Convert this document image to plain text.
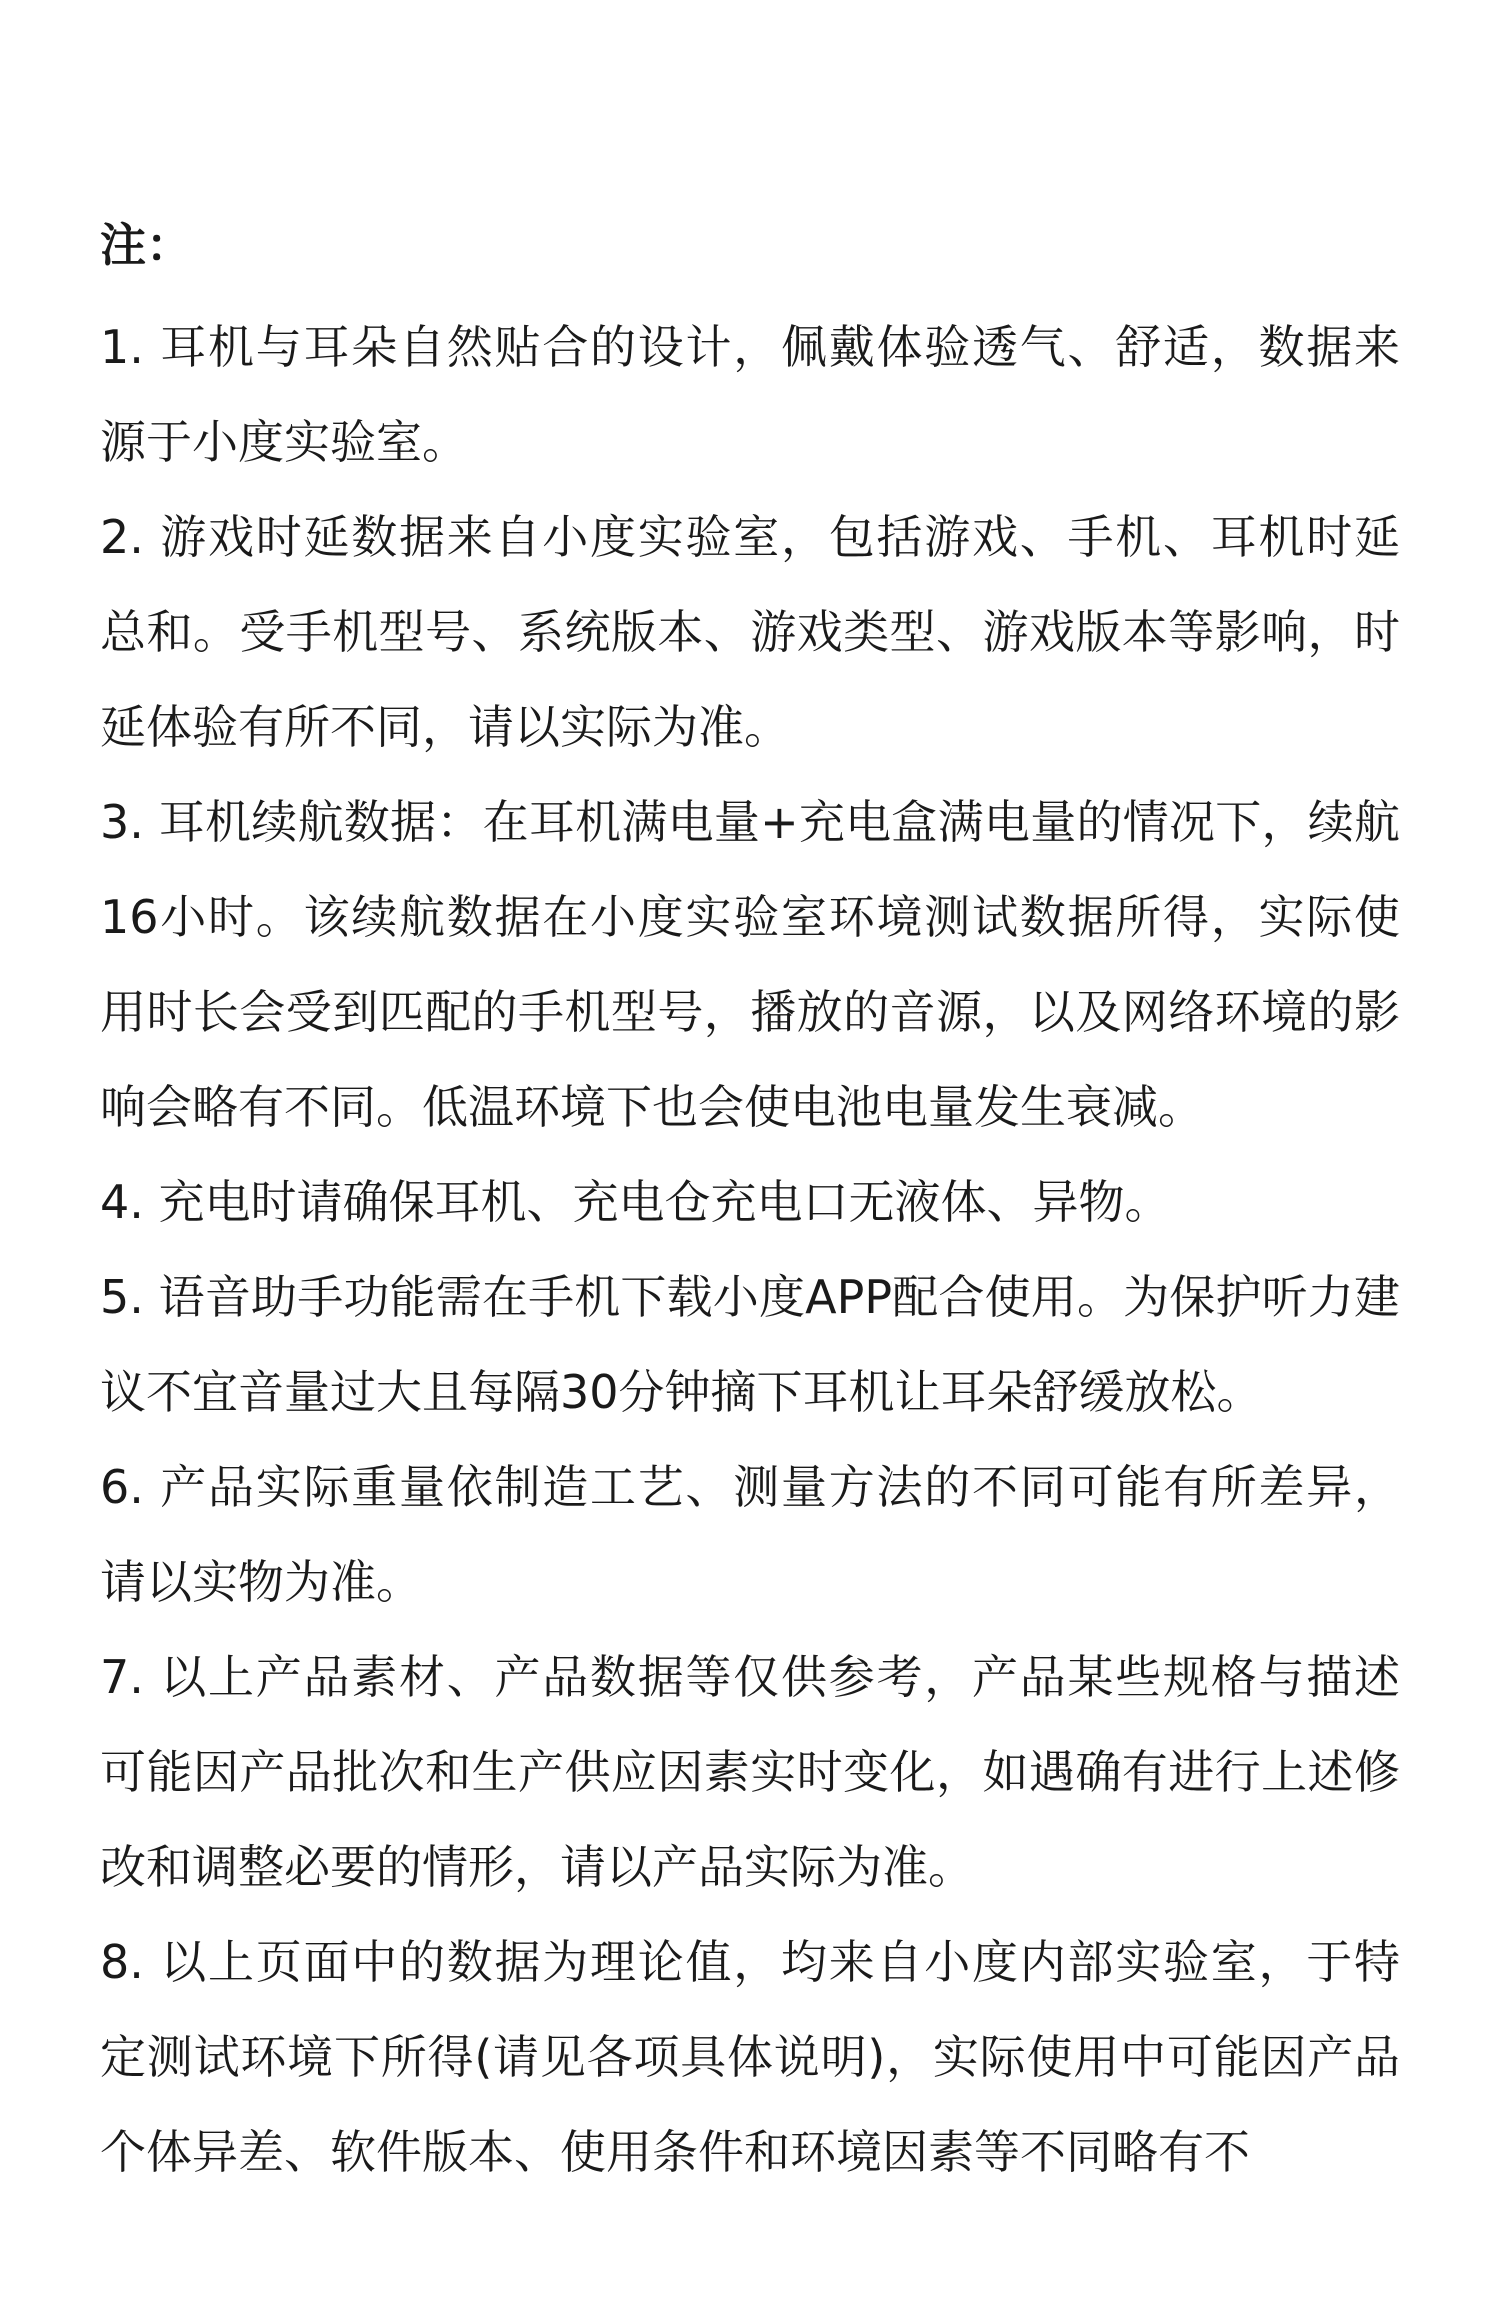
注：

1. 耳机与耳朵自然贴合的设计，佩戴体验透气、舒适，数据来源于小度实验室。

2. 游戏时延数据来自小度实验室，包括游戏、手机、耳机时延总和。受手机型号、系统版本、游戏类型、游戏版本等影响，时延体验有所不同，请以实际为准。

3. 耳机续航数据：在耳机满电量+充电盒满电量的情况下，续航16小时。该续航数据在小度实验室环境测试数据所得，实际使用时长会受到匹配的手机型号，播放的音源，以及网络环境的影响会略有不同。低温环境下也会使电池电量发生衰减。

4. 充电时请确保耳机、充电仓充电口无液体、异物。

5. 语音助手功能需在手机下载小度APP配合使用。为保护听力建议不宜音量过大且每隔30分钟摘下耳机让耳朵舒缓放松。

6. 产品实际重量依制造工艺、测量方法的不同可能有所差异，请以实物为准。

7. 以上产品素材、产品数据等仅供参考，产品某些规格与描述可能因产品批次和生产供应因素实时变化，如遇确有进行上述修改和调整必要的情形，请以产品实际为准。

8. 以上页面中的数据为理论值，均来自小度内部实验室，于特定测试环境下所得(请见各项具体说明)，实际使用中可能因产品个体异差、软件版本、使用条件和环境因素等不同略有不
